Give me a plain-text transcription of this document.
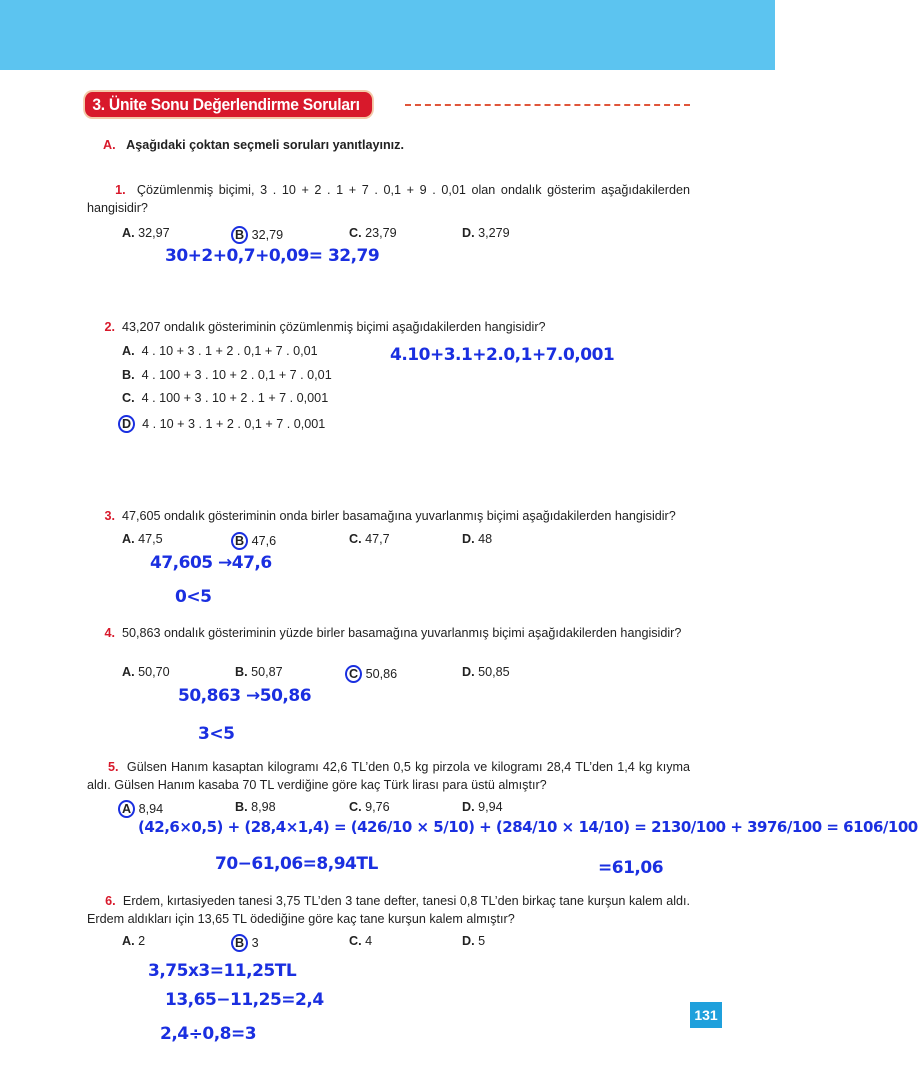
3. Ünite Sonu Değerlendirme Soruları
A. Aşağıdaki çoktan seçmeli soruları yanıtlayınız.
1. Çözümlenmiş biçimi, 3 . 10 + 2 . 1 + 7 . 0,1 + 9 . 0,01 olan ondalık gösterim aşağıdakilerden hangisidir?
A. 32,97	B 32,79	C. 23,79	D. 3,279
30+2+0,7+0,09= 32,79
2. 43,207 ondalık gösteriminin çözümlenmiş biçimi aşağıdakilerden hangisidir?
A. 4 . 10 + 3 . 1 + 2 . 0,1 + 7 . 0,01
B. 4 . 100 + 3 . 10 + 2 . 0,1 + 7 . 0,01
C. 4 . 100 + 3 . 10 + 2 . 1 + 7 . 0,001
D 4 . 10 + 3 . 1 + 2 . 0,1 + 7 . 0,001
4.10+3.1+2.0,1+7.0,001
3. 47,605 ondalık gösteriminin onda birler basamağına yuvarlanmış biçimi aşağıdakilerden hangisidir?
A. 47,5	B 47,6	C. 47,7	D. 48
47,605 →47,6
0<5
4. 50,863 ondalık gösteriminin yüzde birler basamağına yuvarlanmış biçimi aşağıdakilerden hangisidir?
A. 50,70	B. 50,87	C 50,86	D. 50,85
50,863 →50,86
3<5
5. Gülsen Hanım kasaptan kilogramı 42,6 TL’den 0,5 kg pirzola ve kilogramı 28,4 TL’den 1,4 kg kıyma aldı. Gülsen Hanım kasaba 70 TL verdiğine göre kaç Türk lirası para üstü almıştır?
A 8,94	B. 8,98	C. 9,76	D. 9,94
(42,6×0,5) + (28,4×1,4) = (426/10 × 5/10) + (284/10 × 14/10) = 2130/100 + 3976/100 = 6106/100
70−61,06=8,94TL	=61,06
6. Erdem, kırtasiyeden tanesi 3,75 TL’den 3 tane defter, tanesi 0,8 TL’den birkaç tane kurşun kalem aldı. Erdem aldıkları için 13,65 TL ödediğine göre kaç tane kurşun kalem almıştır?
A. 2	B 3	C. 4	D. 5
3,75x3=11,25TL
13,65−11,25=2,4
2,4÷0,8=3
131
